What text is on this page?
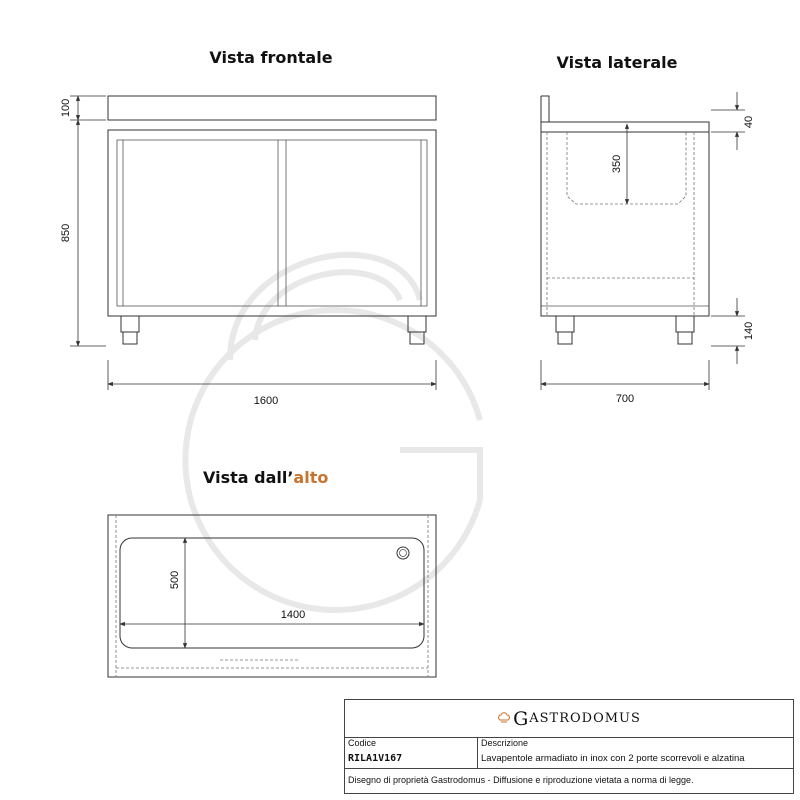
Vista frontale
100
850
1600
Vista laterale
40
350
140
700
Vista dall’alto
500
1400
G ASTRODOMUS
Codice	Descrizione
RILA1V167	Lavapentole armadiato in inox con 2 porte scorrevoli e alzatina
Disegno di proprietà Gastrodomus - Diffusione e riproduzione vietata a norma di legge.
